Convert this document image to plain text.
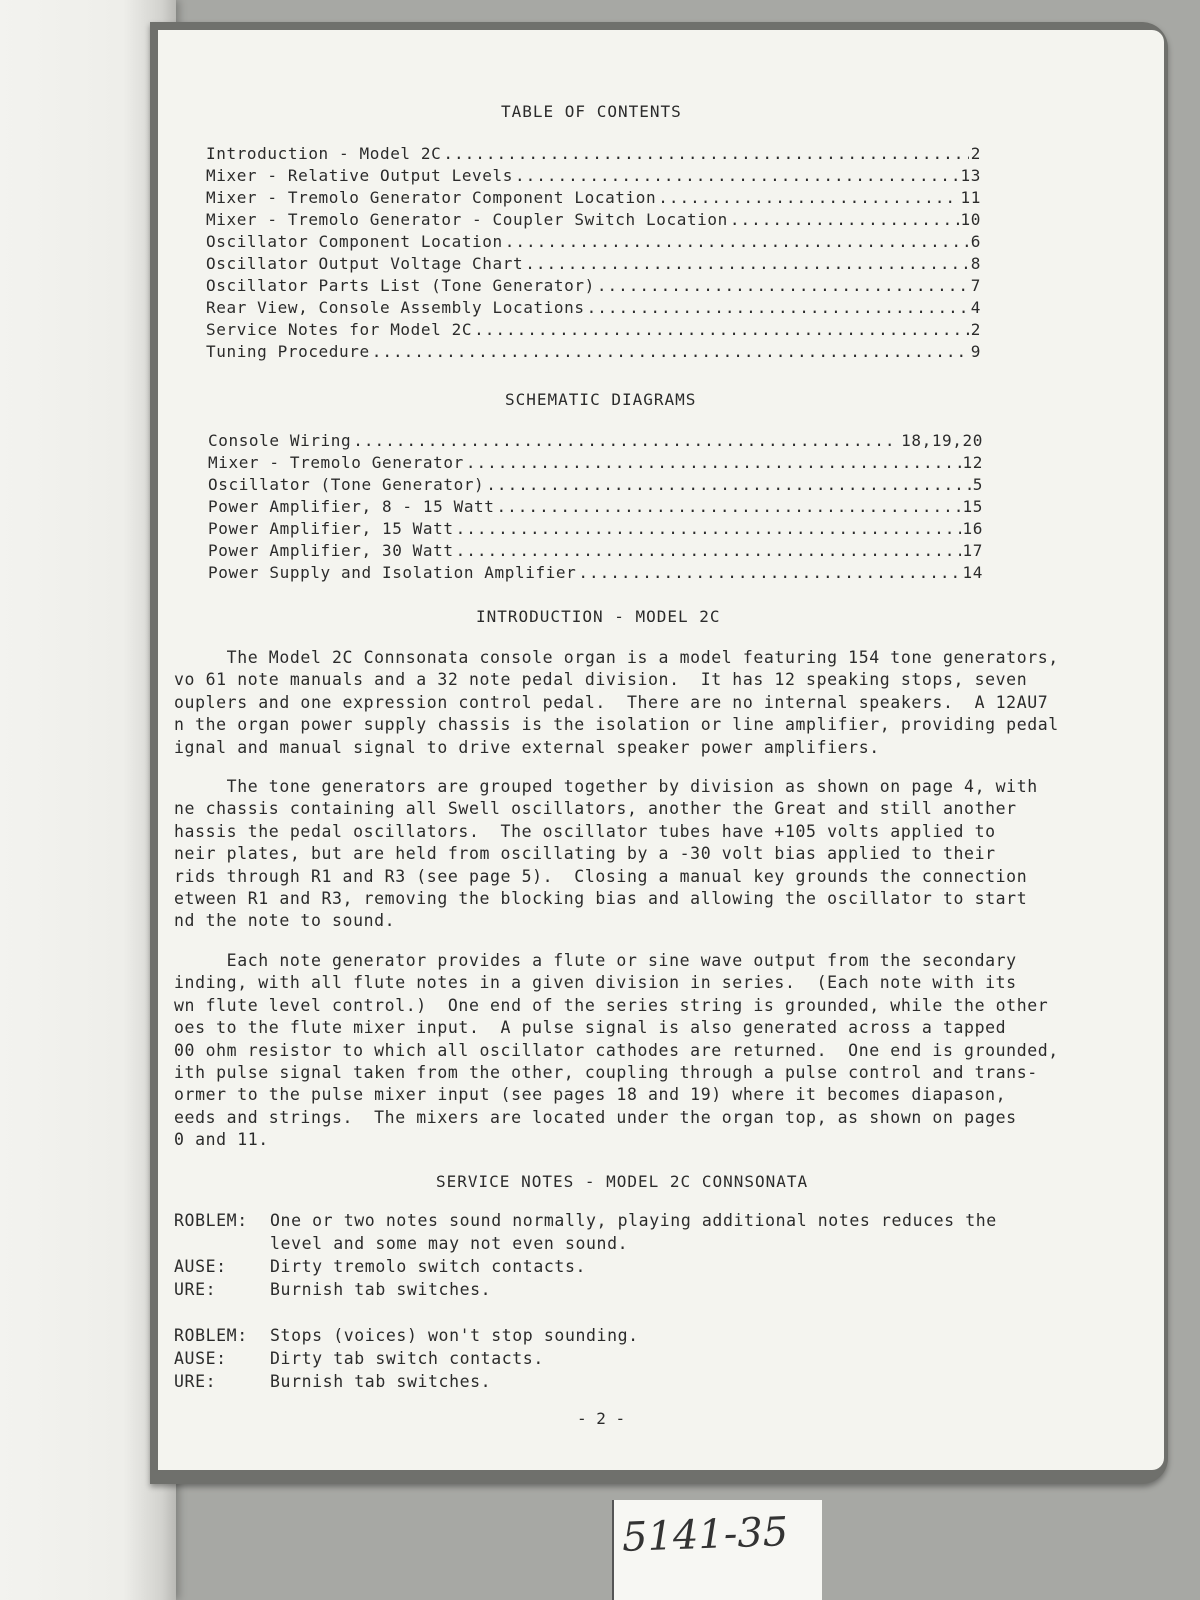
TABLE OF CONTENTS
Introduction - Model 2C .....	2
Mixer - Relative Output Levels .....	13
Mixer - Tremolo Generator Component Location .....	11
Mixer - Tremolo Generator - Coupler Switch Location .....	10
Oscillator Component Location .....	6
Oscillator Output Voltage Chart .....	8
Oscillator Parts List (Tone Generator) .....	7
Rear View, Console Assembly Locations .....	4
Service Notes for Model 2C .....	2
Tuning Procedure .....	9
SCHEMATIC DIAGRAMS
Console Wiring .....	18,19,20
Mixer - Tremolo Generator .....	12
Oscillator (Tone Generator) .....	5
Power Amplifier, 8 - 15 Watt .....	15
Power Amplifier, 15 Watt .....	16
Power Amplifier, 30 Watt .....	17
Power Supply and Isolation Amplifier .....	14
INTRODUCTION - MODEL 2C
The Model 2C Connsonata console organ is a model featuring 154 tone generators,
vo 61 note manuals and a 32 note pedal division.  It has 12 speaking stops, seven
ouplers and one expression control pedal.  There are no internal speakers.  A 12AU7
n the organ power supply chassis is the isolation or line amplifier, providing pedal
ignal and manual signal to drive external speaker power amplifiers.
The tone generators are grouped together by division as shown on page 4, with
ne chassis containing all Swell oscillators, another the Great and still another
hassis the pedal oscillators.  The oscillator tubes have +105 volts applied to
neir plates, but are held from oscillating by a -30 volt bias applied to their
rids through R1 and R3 (see page 5).  Closing a manual key grounds the connection
etween R1 and R3, removing the blocking bias and allowing the oscillator to start
nd the note to sound.
Each note generator provides a flute or sine wave output from the secondary
inding, with all flute notes in a given division in series.  (Each note with its
wn flute level control.)  One end of the series string is grounded, while the other
oes to the flute mixer input.  A pulse signal is also generated across a tapped
00 ohm resistor to which all oscillator cathodes are returned.  One end is grounded,
ith pulse signal taken from the other, coupling through a pulse control and trans-
ormer to the pulse mixer input (see pages 18 and 19) where it becomes diapason,
eeds and strings.  The mixers are located under the organ top, as shown on pages
0 and 11.
SERVICE NOTES - MODEL 2C CONNSONATA
ROBLEM: One or two notes sound normally, playing additional notes reduces the
level and some may not even sound.
AUSE:	Dirty tremolo switch contacts.
URE:	Burnish tab switches.
ROBLEM: Stops (voices) won't stop sounding.
AUSE:	Dirty tab switch contacts.
URE:	Burnish tab switches.
- 2 -
5141-35
